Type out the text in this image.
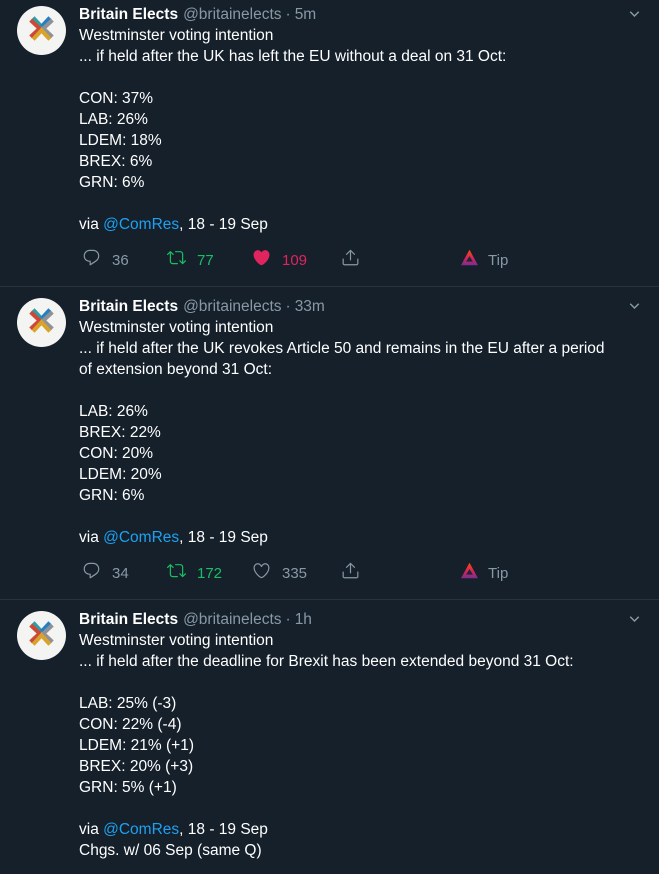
Britain Elects @britainelects · 5m
Westminster voting intention
... if held after the UK has left the EU without a deal on 31 Oct:
CON: 37%
LAB: 26%
LDEM: 18%
BREX: 6%
GRN: 6%
via @ComRes, 18 - 19 Sep
36	77	109	Tip
Britain Elects @britainelects · 33m
Westminster voting intention
... if held after the UK revokes Article 50 and remains in the EU after a period
of extension beyond 31 Oct:
LAB: 26%
BREX: 22%
CON: 20%
LDEM: 20%
GRN: 6%
via @ComRes, 18 - 19 Sep
34	172	335	Tip
Britain Elects @britainelects · 1h
Westminster voting intention
... if held after the deadline for Brexit has been extended beyond 31 Oct:
LAB: 25% (-3)
CON: 22% (-4)
LDEM: 21% (+1)
BREX: 20% (+3)
GRN: 5% (+1)
via @ComRes, 18 - 19 Sep
Chgs. w/ 06 Sep (same Q)
